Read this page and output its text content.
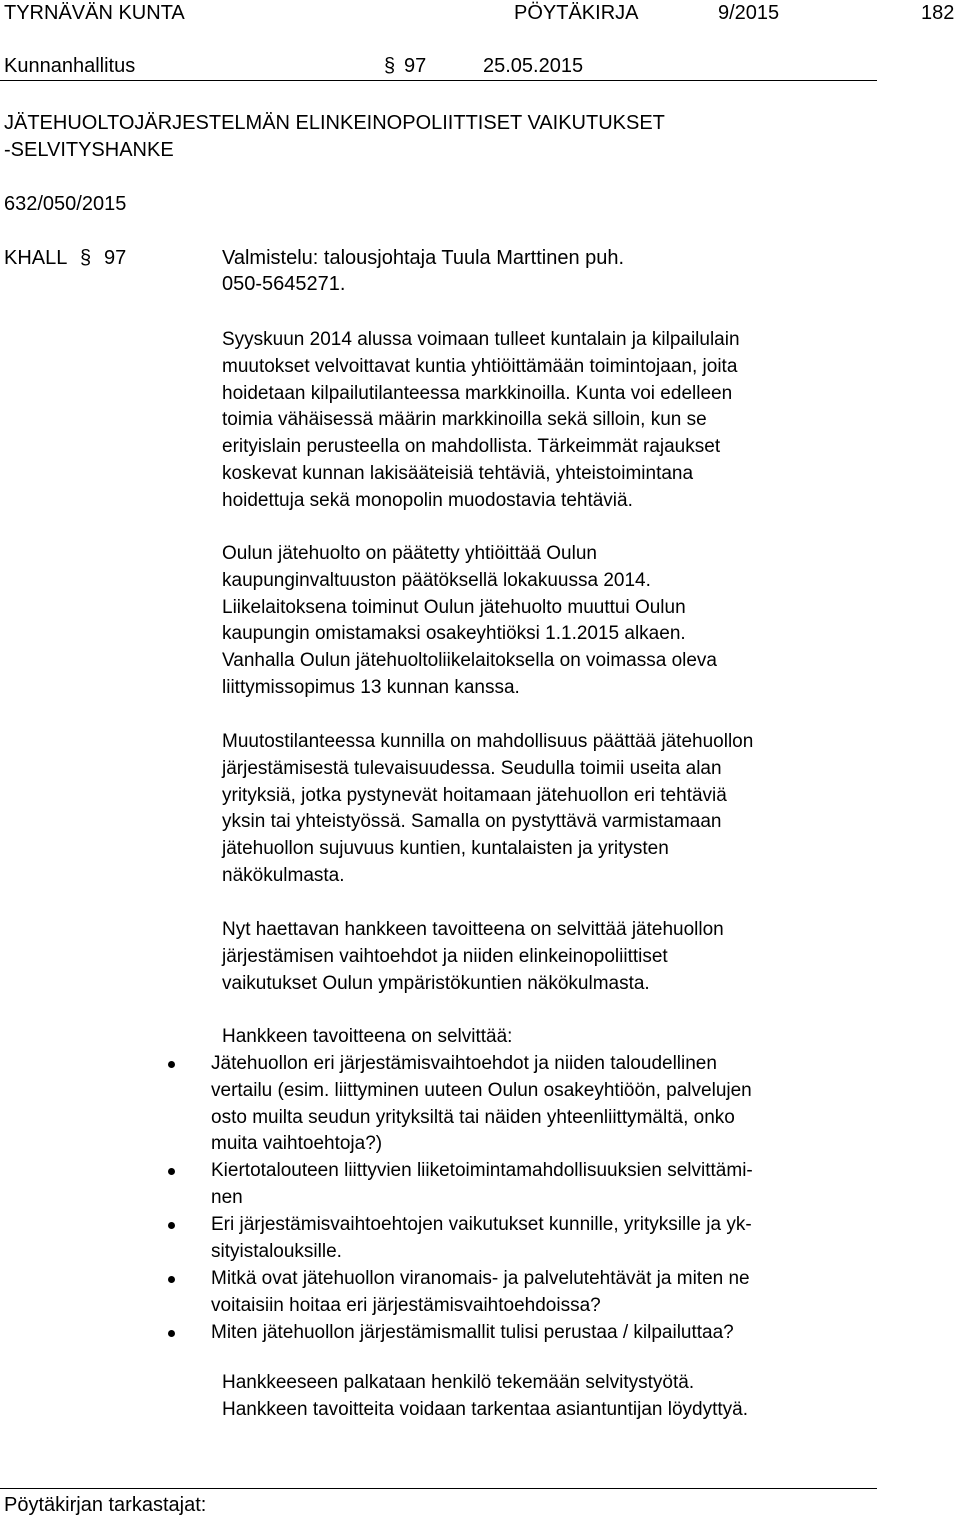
TYRNÄVÄN KUNTA	PÖYTÄKIRJA	9/2015	182
Kunnanhallitus	§ 97	25.05.2015
JÄTEHUOLTOJÄRJESTELMÄN ELINKEINOPOLIITTISET VAIKUTUKSET
-SELVITYSHANKE
632/050/2015
KHALL § 97	Valmistelu: talousjohtaja Tuula Marttinen puh.
050-5645271.
Syyskuun 2014 alussa voimaan tulleet kuntalain ja kilpailulain
muutokset velvoittavat kuntia yhtiöittämään toimintojaan, joita
hoidetaan kilpailutilanteessa markkinoilla. Kunta voi edelleen
toimia vähäisessä määrin markkinoilla sekä silloin, kun se
erityislain perusteella on mahdollista. Tärkeimmät rajaukset
koskevat kunnan lakisääteisiä tehtäviä, yhteistoimintana
hoidettuja sekä monopolin muodostavia tehtäviä.
Oulun jätehuolto on päätetty yhtiöittää Oulun
kaupunginvaltuuston päätöksellä lokakuussa 2014.
Liikelaitoksena toiminut Oulun jätehuolto muuttui Oulun
kaupungin omistamaksi osakeyhtiöksi 1.1.2015 alkaen.
Vanhalla Oulun jätehuoltoliikelaitoksella on voimassa oleva
liittymissopimus 13 kunnan kanssa.
Muutostilanteessa kunnilla on mahdollisuus päättää jätehuollon
järjestämisestä tulevaisuudessa. Seudulla toimii useita alan
yrityksiä, jotka pystynevät hoitamaan jätehuollon eri tehtäviä
yksin tai yhteistyössä. Samalla on pystyttävä varmistamaan
jätehuollon sujuvuus kuntien, kuntalaisten ja yritysten
näkökulmasta.
Nyt haettavan hankkeen tavoitteena on selvittää jätehuollon
järjestämisen vaihtoehdot ja niiden elinkeinopoliittiset
vaikutukset Oulun ympäristökuntien näkökulmasta.
Hankkeen tavoitteena on selvittää:
Jätehuollon eri järjestämisvaihtoehdot ja niiden taloudellinen
vertailu (esim. liittyminen uuteen Oulun osakeyhtiöön, palvelujen
osto muilta seudun yrityksiltä tai näiden yhteenliittymältä, onko
muita vaihtoehtoja?)
Kiertotalouteen liittyvien liiketoimintamahdollisuuksien selvittämi-
nen
Eri järjestämisvaihtoehtojen vaikutukset kunnille, yrityksille ja yk-
sityistalouksille.
Mitkä ovat jätehuollon viranomais- ja palvelutehtävät ja miten ne
voitaisiin hoitaa eri järjestämisvaihtoehdoissa?
Miten jätehuollon järjestämismallit tulisi perustaa / kilpailuttaa?
Hankkeeseen palkataan henkilö tekemään selvitystyötä.
Hankkeen tavoitteita voidaan tarkentaa asiantuntijan löydyttyä.
Pöytäkirjan tarkastajat:
